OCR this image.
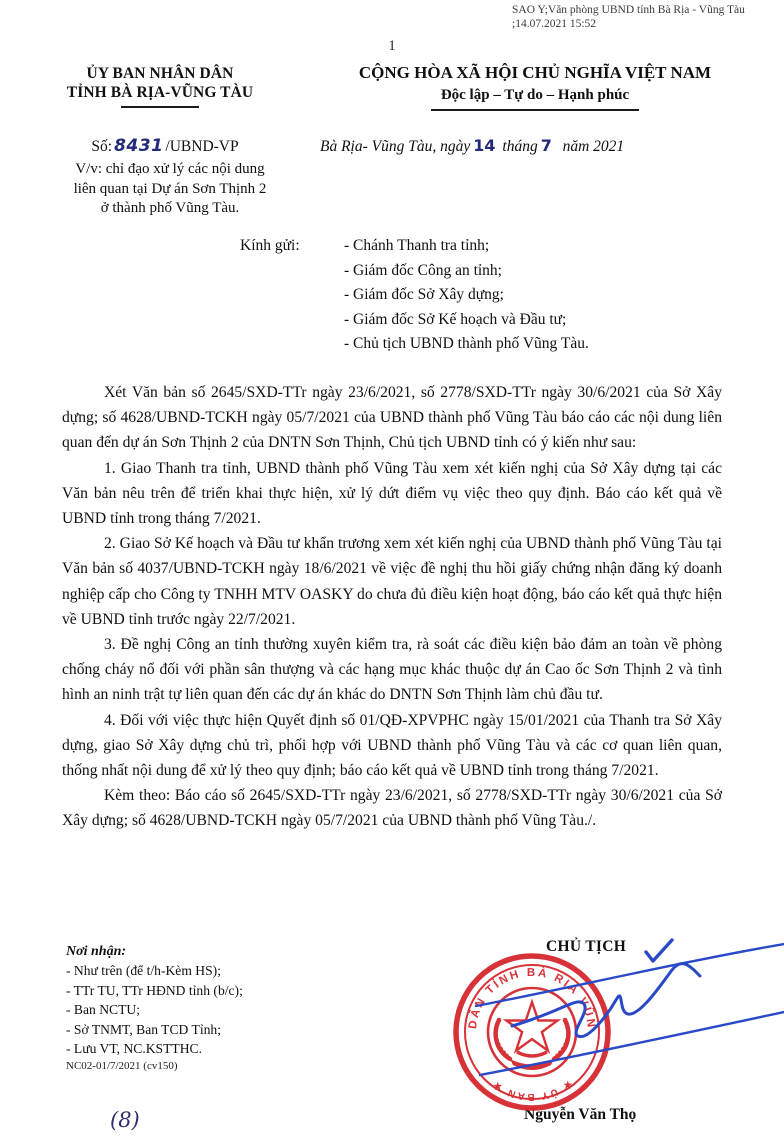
SAO Y;Văn phòng UBND tỉnh Bà Rịa - Vũng Tàu
;14.07.2021 15:52
1
ỦY BAN NHÂN DÂN
TỈNH BÀ RỊA-VŨNG TÀU
CỘNG HÒA XÃ HỘI CHỦ NGHĨA VIỆT NAM
Độc lập – Tự do – Hạnh phúc
Số: 8431 /UBND-VP
V/v: chỉ đạo xử lý các nội dung
liên quan tại Dự án Sơn Thịnh 2
ở thành phố Vũng Tàu.
Bà Rịa- Vũng Tàu, ngày 14 tháng 7 năm 2021
Kính gửi:	- Chánh Thanh tra tỉnh;
- Giám đốc Công an tỉnh;
- Giám đốc Sở Xây dựng;
- Giám đốc Sở Kế hoạch và Đầu tư;
- Chủ tịch UBND thành phố Vũng Tàu.

Xét Văn bản số 2645/SXD-TTr ngày 23/6/2021, số 2778/SXD-TTr ngày 30/6/2021 của Sở Xây dựng; số 4628/UBND-TCKH ngày 05/7/2021 của UBND thành phố Vũng Tàu báo cáo các nội dung liên quan đến dự án Sơn Thịnh 2 của DNTN Sơn Thịnh, Chủ tịch UBND tỉnh có ý kiến như sau:

1. Giao Thanh tra tỉnh, UBND thành phố Vũng Tàu xem xét kiến nghị của Sở Xây dựng tại các Văn bản nêu trên để triển khai thực hiện, xử lý dứt điểm vụ việc theo quy định. Báo cáo kết quả về UBND tỉnh trong tháng 7/2021.

2. Giao Sở Kế hoạch và Đầu tư khẩn trương xem xét kiến nghị của UBND thành phố Vũng Tàu tại Văn bản số 4037/UBND-TCKH ngày 18/6/2021 về việc đề nghị thu hồi giấy chứng nhận đăng ký doanh nghiệp cấp cho Công ty TNHH MTV OASKY do chưa đủ điều kiện hoạt động, báo cáo kết quả thực hiện về UBND tỉnh trước ngày 22/7/2021.

3. Đề nghị Công an tỉnh thường xuyên kiểm tra, rà soát các điều kiện bảo đảm an toàn về phòng chống cháy nổ đối với phần sân thượng và các hạng mục khác thuộc dự án Cao ốc Sơn Thịnh 2 và tình hình an ninh trật tự liên quan đến các dự án khác do DNTN Sơn Thịnh làm chủ đầu tư.

4. Đối với việc thực hiện Quyết định số 01/QĐ-XPVPHC ngày 15/01/2021 của Thanh tra Sở Xây dựng, giao Sở Xây dựng chủ trì, phối hợp với UBND thành phố Vũng Tàu và các cơ quan liên quan, thống nhất nội dung để xử lý theo quy định; báo cáo kết quả về UBND tỉnh trong tháng 7/2021.

Kèm theo: Báo cáo số 2645/SXD-TTr ngày 23/6/2021, số 2778/SXD-TTr ngày 30/6/2021 của Sở Xây dựng; số 4628/UBND-TCKH ngày 05/7/2021 của UBND thành phố Vũng Tàu./.

Nơi nhận:
- Như trên (để t/h-Kèm HS);
- TTr TU, TTr HĐND tỉnh (b/c);
- Ban NCTU;
- Sở TNMT, Ban TCD Tỉnh;
- Lưu VT, NC.KSTTHC.
NC02-01/7/2021 (cv150)
(8)
CHỦ TỊCH
Nguyễn Văn Thọ
NHÂN DÂN TỈNH BÀ RỊA VŨNG TÀU
★ ỦY BAN ★
